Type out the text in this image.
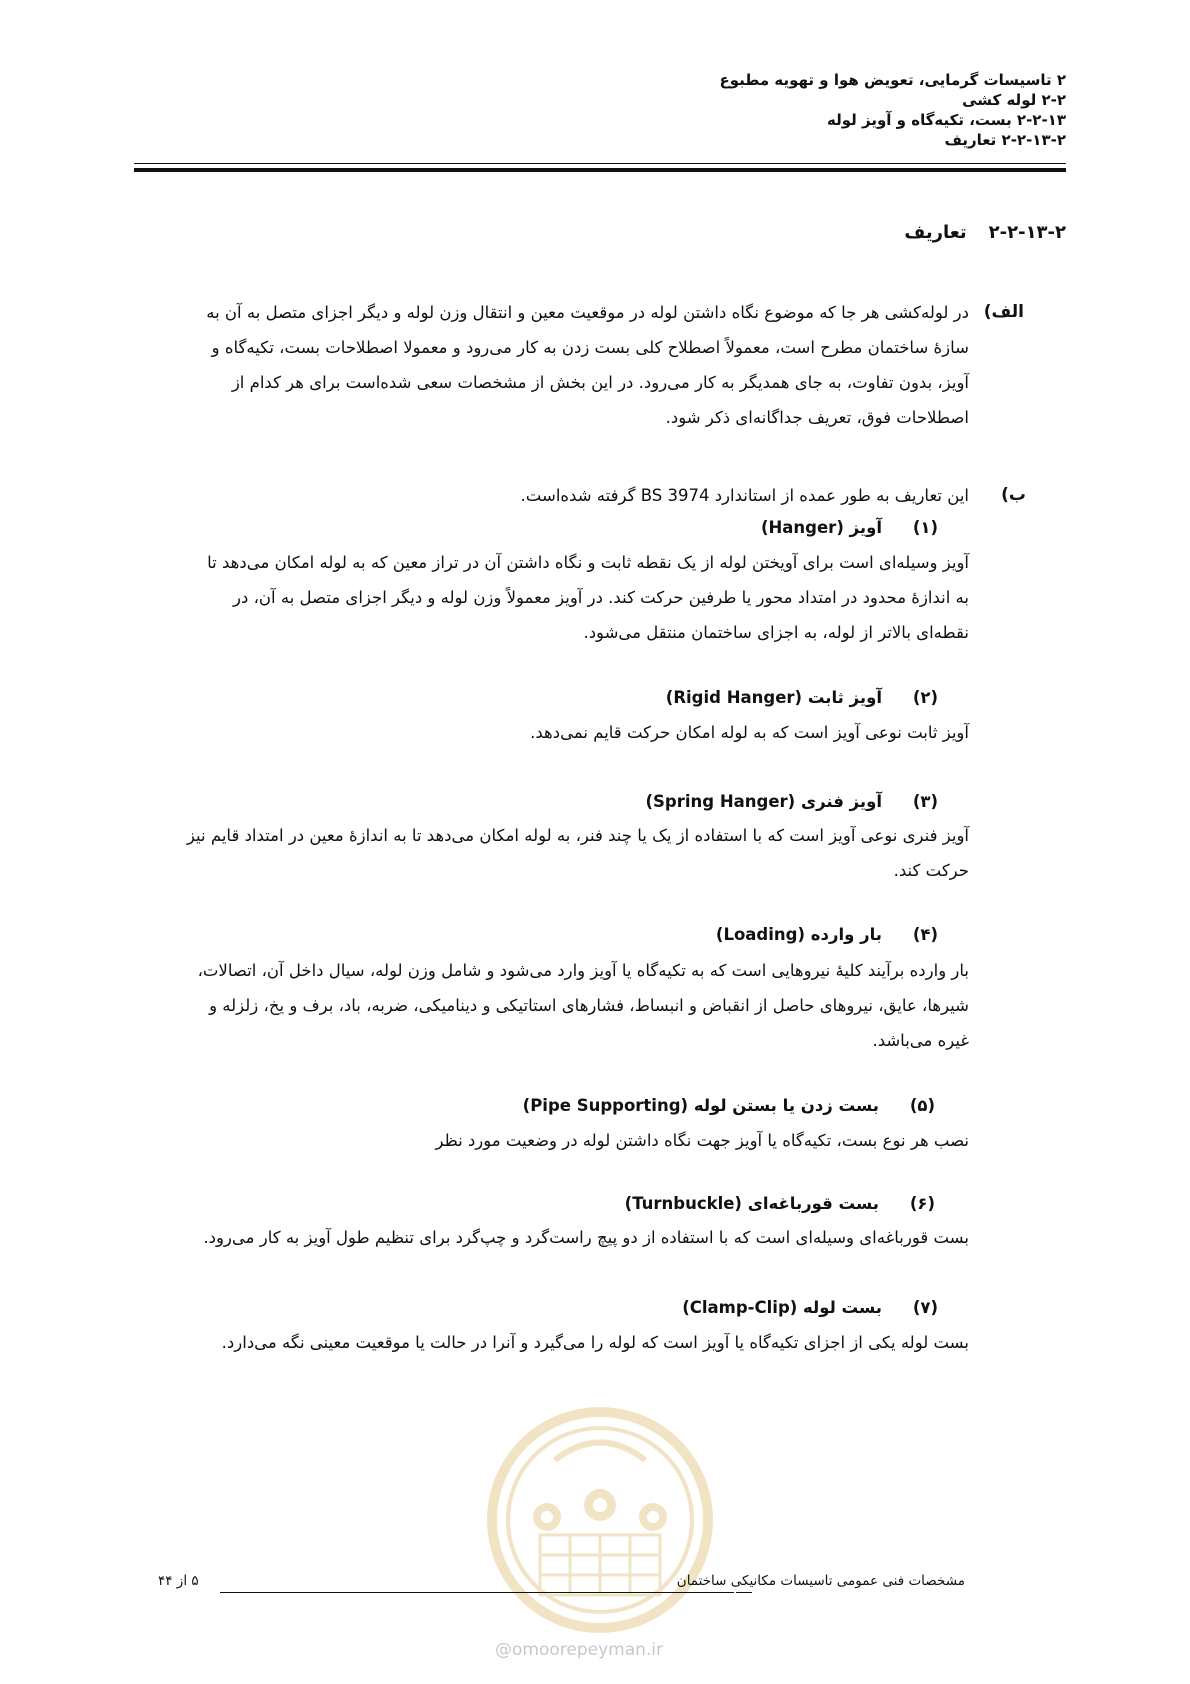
۲ تاسیسات گرمایی، تعویض هوا و تهویه مطبوع
۲-۲ لوله کشی
۲-۲-۱۳ بست، تکیه‌گاه و آویز لوله
۲-۲-۱۳-۲ تعاریف
۲-۲-۱۳-۲تعاریف
الف)
در لوله‌کشی هر جا که موضوع نگاه داشتن لوله در موقعیت معین و انتقال وزن لوله و دیگر اجزای متصل به آن به
سازهٔ ساختمان مطرح است، معمولاً اصطلاح کلی بست زدن به کار می‌رود و معمولا اصطلاحات بست، تکیه‌گاه و
آویز، بدون تفاوت، به جای همدیگر به کار می‌رود. در این بخش از مشخصات سعی شده‌است برای هر کدام از
اصطلاحات فوق، تعریف جداگانه‌ای ذکر شود.
ب)
این تعاریف به طور عمده از استاندارد BS 3974 گرفته شده‌است.
(۱)آویز (Hanger)
آویز وسیله‌ای است برای آویختن لوله از یک نقطه ثابت و نگاه داشتن آن در تراز معین که به لوله امکان می‌دهد تا
به اندازهٔ محدود در امتداد محور یا طرفین حرکت کند. در آویز معمولاً وزن لوله و دیگر اجزای متصل به آن، در
نقطه‌ای بالاتر از لوله، به اجزای ساختمان منتقل می‌شود.
(۲)آویز ثابت (Rigid Hanger)
آویز ثابت نوعی آویز است که به لوله امکان حرکت قایم نمی‌دهد.
(۳)آویز فنری (Spring Hanger)
آویز فنری نوعی آویز است که با استفاده از یک یا چند فنر، به لوله امکان می‌دهد تا به اندازهٔ معین در امتداد قایم نیز
حرکت کند.
(۴)بار وارده (Loading)
بار وارده برآیند کلیهٔ نیروهایی است که به تکیه‌گاه یا آویز وارد می‌شود و شامل وزن لوله، سیال داخل آن، اتصالات،
شیرها، عایق، نیروهای حاصل از انقباض و انبساط، فشارهای استاتیکی و دینامیکی، ضربه، باد، برف و یخ، زلزله و
غیره می‌باشد.
(۵)بست زدن یا بستن لوله (Pipe Supporting)
نصب هر نوع بست، تکیه‌گاه یا آویز جهت نگاه داشتن لوله در وضعیت مورد نظر
(۶)بست قورباغه‌ای (Turnbuckle)
بست قورباغه‌ای وسیله‌ای است که با استفاده از دو پیچ راست‌گرد و چپ‌گرد برای تنظیم طول آویز به کار می‌رود.
(۷)بست لوله (Clamp-Clip)
بست لوله یکی از اجزای تکیه‌گاه یا آویز است که لوله را می‌گیرد و آنرا در حالت یا موقعیت معینی نگه می‌دارد.
مشخصات فنی عمومی تاسیسات مکانیکی ساختمان
۵ از ۴۴
@omoorepeyman.ir
